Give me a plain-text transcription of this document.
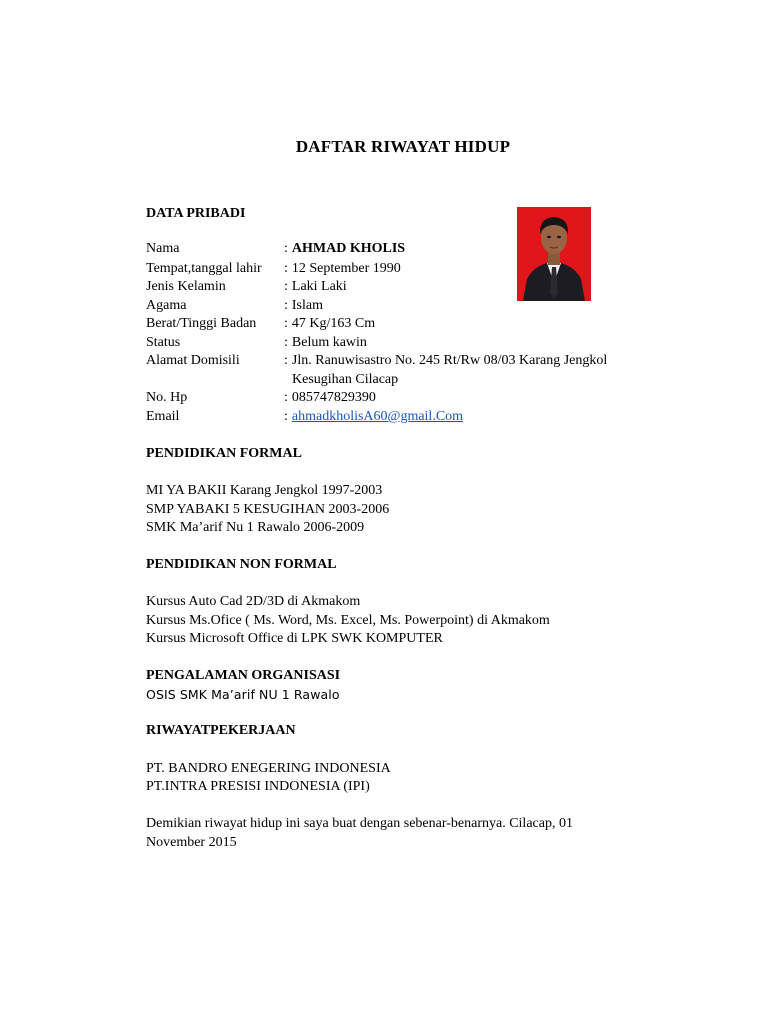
DAFTAR RIWAYAT HIDUP
DATA PRIBADI
Nama	: AHMAD KHOLIS
Tempat,tanggal lahir : 12 September 1990
Jenis Kelamin	: Laki Laki
Agama	: Islam
Berat/Tinggi Badan : 47 Kg/163 Cm
Status	: Belum kawin
Alamat Domisili	: Jln. Ranuwisastro No. 245 Rt/Rw 08/03 Karang Jengkol
Kesugihan Cilacap
No. Hp	: 085747829390
Email	: ahmadkholisA60@gmail.Com
PENDIDIKAN FORMAL
MI YA BAKII Karang Jengkol 1997-2003
SMP YABAKI 5 KESUGIHAN 2003-2006
SMK Ma’arif Nu 1 Rawalo 2006-2009
PENDIDIKAN NON FORMAL
Kursus Auto Cad 2D/3D di Akmakom
Kursus Ms.Ofice ( Ms. Word, Ms. Excel, Ms. Powerpoint) di Akmakom
Kursus Microsoft Office di LPK SWK KOMPUTER
PENGALAMAN ORGANISASI
OSIS SMK Ma’arif NU 1 Rawalo
RIWAYATPEKERJAAN
PT. BANDRO ENEGERING INDONESIA
PT.INTRA PRESISI INDONESIA (IPI)
Demikian riwayat hidup ini saya buat dengan sebenar-benarnya. Cilacap, 01
November 2015
